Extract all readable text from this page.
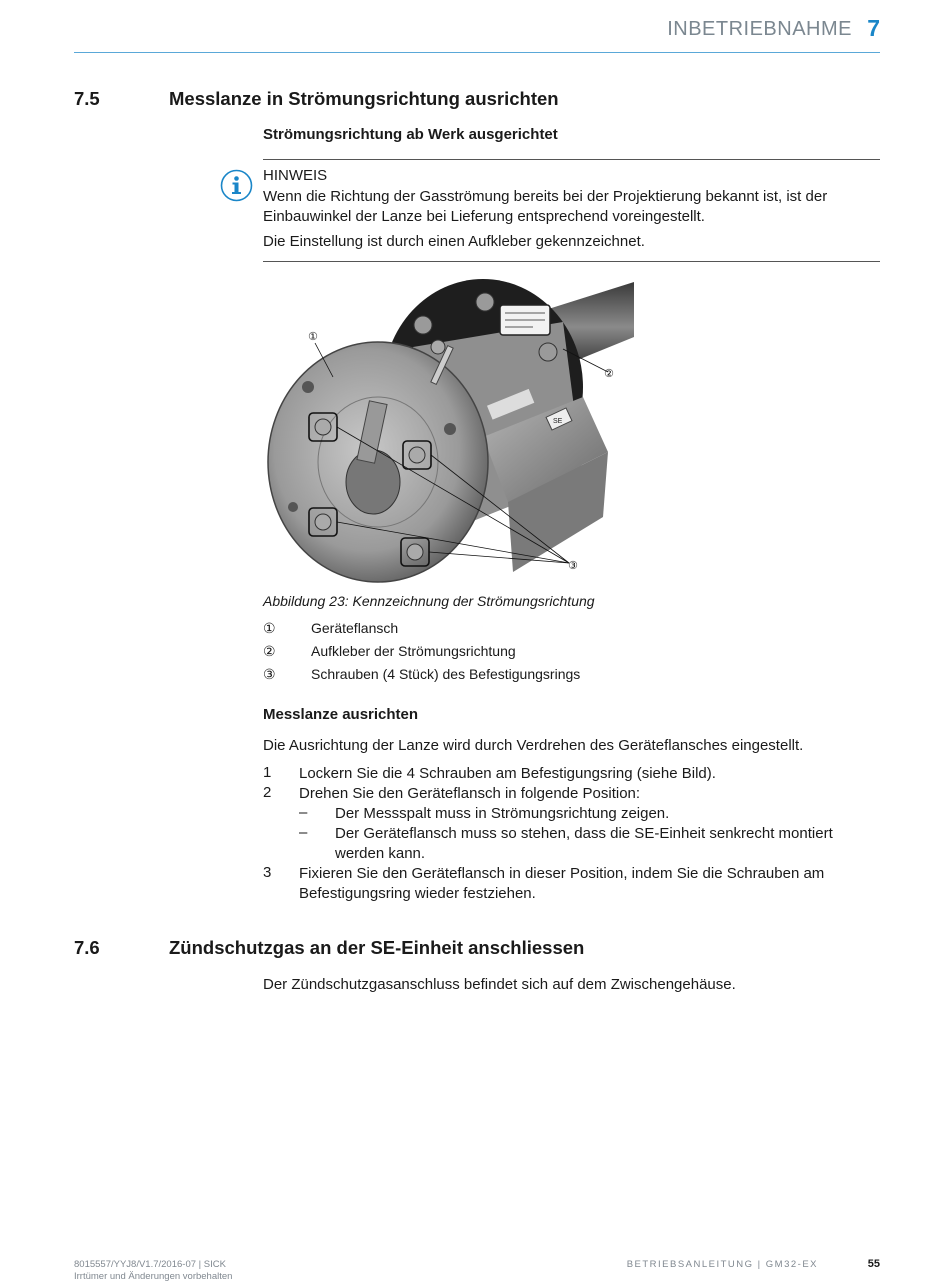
INBETRIEBNAHME 7
7.5	Messlanze in Strömungsrichtung ausrichten
Strömungsrichtung ab Werk ausgerichtet
HINWEIS
Wenn die Richtung der Gasströmung bereits bei der Projektierung bekannt ist, ist der
Einbauwinkel der Lanze bei Lieferung entsprechend voreingestellt.
Die Einstellung ist durch einen Aufkleber gekennzeichnet.
SE
①
②
③
Abbildung 23: Kennzeichnung der Strömungsrichtung
①	Geräteflansch
②	Aufkleber der Strömungsrichtung
③	Schrauben (4 Stück) des Befestigungsrings
Messlanze ausrichten
Die Ausrichtung der Lanze wird durch Verdrehen des Geräteflansches eingestellt.
1 Lockern Sie die 4 Schrauben am Befestigungsring (siehe Bild).
2 Drehen Sie den Geräteflansch in folgende Position:
– Der Messspalt muss in Strömungsrichtung zeigen.
– Der Geräteflansch muss so stehen, dass die SE-Einheit senkrecht montiert
werden kann.
3 Fixieren Sie den Geräteflansch in dieser Position, indem Sie die Schrauben am
Befestigungsring wieder festziehen.
7.6	Zündschutzgas an der SE-Einheit anschliessen
Der Zündschutzgasanschluss befindet sich auf dem Zwischengehäuse.
8015557/YYJ8/V1.7/2016-07 | SICK
Irrtümer und Änderungen vorbehalten
BETRIEBSANLEITUNG | GM32-EX	55
